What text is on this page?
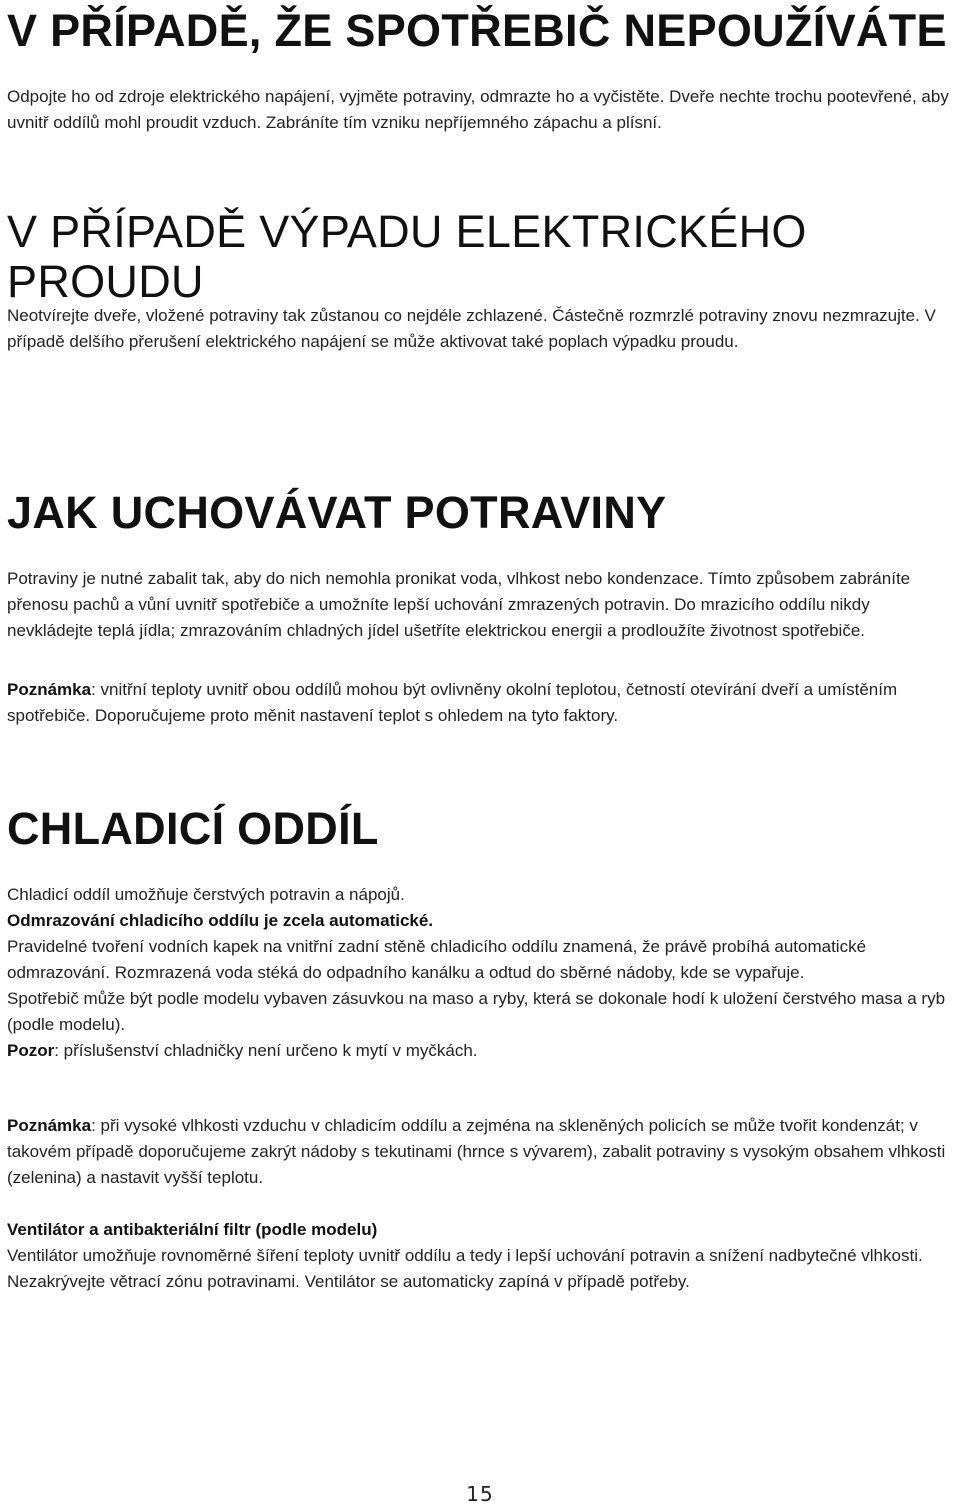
V PŘÍPADĚ, ŽE SPOTŘEBIČ NEPOUŽÍVÁTE

Odpojte ho od zdroje elektrického napájení, vyjměte potraviny, odmrazte ho a vyčistěte. Dveře nechte trochu pootevřené, aby uvnitř oddílů mohl proudit vzduch. Zabráníte tím vzniku nepříjemného zápachu a plísní.

V PŘÍPADĚ VÝPADU ELEKTRICKÉHO
PROUDU

Neotvírejte dveře, vložené potraviny tak zůstanou co nejdéle zchlazené. Částečně rozmrzlé potraviny znovu nezmrazujte. V případě delšího přerušení elektrického napájení se může aktivovat také poplach výpadku proudu.

JAK UCHOVÁVAT POTRAVINY

Potraviny je nutné zabalit tak, aby do nich nemohla pronikat voda, vlhkost nebo kondenzace. Tímto způsobem zabráníte přenosu pachů a vůní uvnitř spotřebiče a umožníte lepší uchování zmrazených potravin. Do mrazicího oddílu nikdy nevkládejte teplá jídla; zmrazováním chladných jídel ušetříte elektrickou energii a prodloužíte životnost spotřebiče.

Poznámka: vnitřní teploty uvnitř obou oddílů mohou být ovlivněny okolní teplotou, četností otevírání dveří a umístěním spotřebiče. Doporučujeme proto měnit nastavení teplot s ohledem na tyto faktory.

CHLADICÍ ODDÍL

Chladicí oddíl umožňuje čerstvých potravin a nápojů.

Odmrazování chladicího oddílu je zcela automatické.

Pravidelné tvoření vodních kapek na vnitřní zadní stěně chladicího oddílu znamená, že právě probíhá automatické odmrazování. Rozmrazená voda stéká do odpadního kanálku a odtud do sběrné nádoby, kde se vypařuje.

Spotřebič může být podle modelu vybaven zásuvkou na maso a ryby, která se dokonale hodí k uložení čerstvého masa a ryb (podle modelu).

Pozor: příslušenství chladničky není určeno k mytí v myčkách.

Poznámka: při vysoké vlhkosti vzduchu v chladicím oddílu a zejména na skleněných policích se může tvořit kondenzát; v takovém případě doporučujeme zakrýt nádoby s tekutinami (hrnce s vývarem), zabalit potraviny s vysokým obsahem vlhkosti (zelenina) a nastavit vyšší teplotu.

Ventilátor a antibakteriální filtr (podle modelu)

Ventilátor umožňuje rovnoměrné šíření teploty uvnitř oddílu a tedy i lepší uchování potravin a snížení nadbytečné vlhkosti. Nezakrývejte větrací zónu potravinami. Ventilátor se automaticky zapíná v případě potřeby.

15
